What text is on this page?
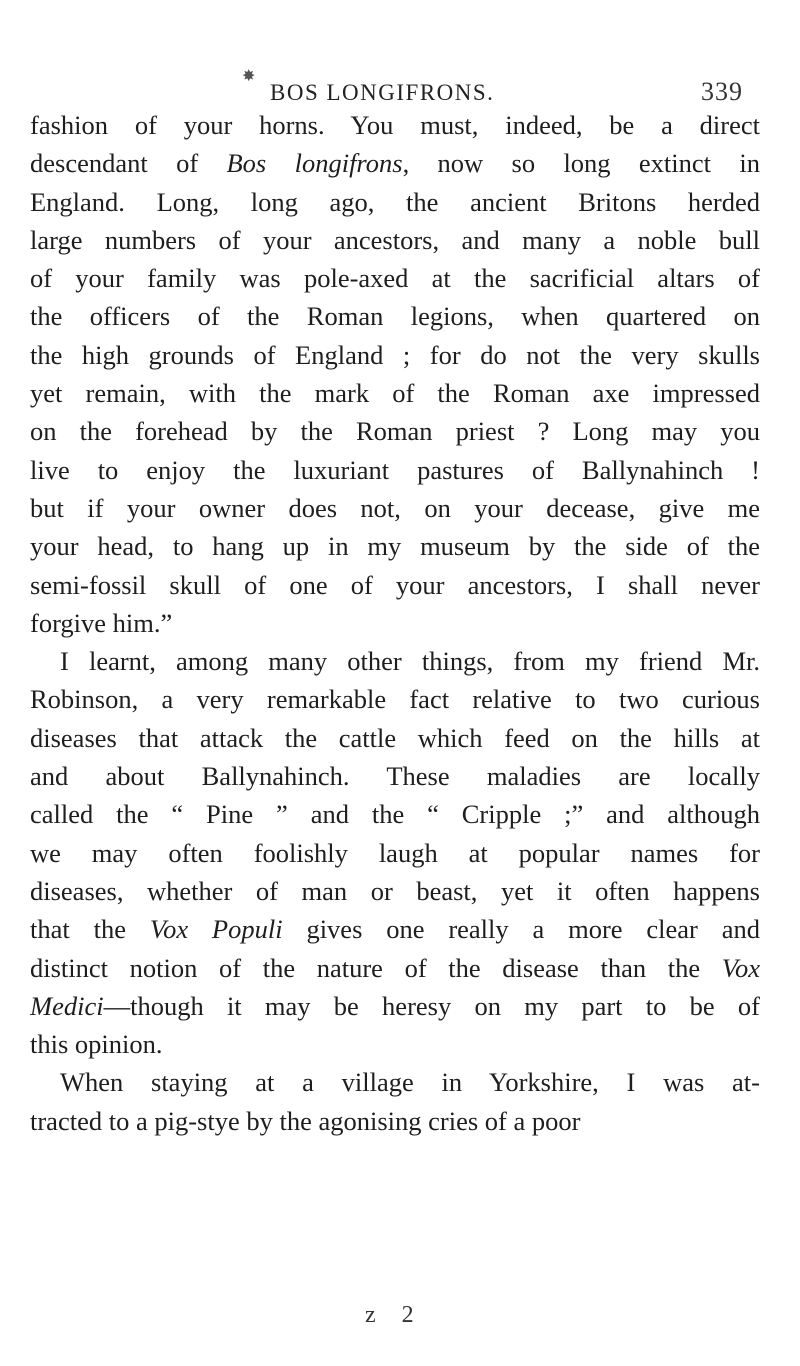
✸
BOS LONGIFRONS.	339
fashion of your horns. You must, indeed, be a direct
descendant of Bos longifrons, now so long extinct in
England. Long, long ago, the ancient Britons herded
large numbers of your ancestors, and many a noble bull
of your family was pole-axed at the sacrificial altars of
the officers of the Roman legions, when quartered on
the high grounds of England ; for do not the very skulls
yet remain, with the mark of the Roman axe impressed
on the forehead by the Roman priest ? Long may you
live to enjoy the luxuriant pastures of Ballynahinch !
but if your owner does not, on your decease, give me
your head, to hang up in my museum by the side of the
semi-fossil skull of one of your ancestors, I shall never
forgive him.”
I learnt, among many other things, from my friend Mr.
Robinson, a very remarkable fact relative to two curious
diseases that attack the cattle which feed on the hills at
and about Ballynahinch. These maladies are locally
called the “ Pine ” and the “ Cripple ;” and although
we may often foolishly laugh at popular names for
diseases, whether of man or beast, yet it often happens
that the Vox Populi gives one really a more clear and
distinct notion of the nature of the disease than the Vox
Medici—though it may be heresy on my part to be of
this opinion.
When staying at a village in Yorkshire, I was at-
tracted to a pig-stye by the agonising cries of a poor
z 2
